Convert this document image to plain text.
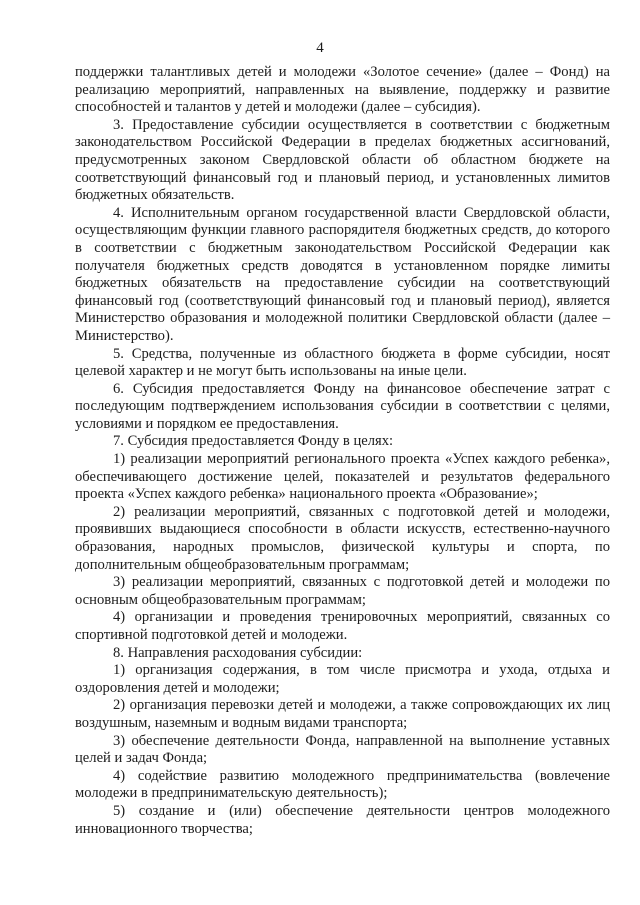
4

поддержки талантливых детей и молодежи «Золотое сечение» (далее – Фонд) на реализацию мероприятий, направленных на выявление, поддержку и развитие способностей и талантов у детей и молодежи (далее – субсидия).

3. Предоставление субсидии осуществляется в соответствии с бюджетным законодательством Российской Федерации в пределах бюджетных ассигнований, предусмотренных законом Свердловской области об областном бюджете на соответствующий финансовый год и плановый период, и установленных лимитов бюджетных обязательств.

4. Исполнительным органом государственной власти Свердловской области, осуществляющим функции главного распорядителя бюджетных средств, до которого в соответствии с бюджетным законодательством Российской Федерации как получателя бюджетных средств доводятся в установленном порядке лимиты бюджетных обязательств на предоставление субсидии на соответствующий финансовый год (соответствующий финансовый год и плановый период), является Министерство образования и молодежной политики Свердловской области (далее – Министерство).

5. Средства, полученные из областного бюджета в форме субсидии, носят целевой характер и не могут быть использованы на иные цели.

6. Субсидия предоставляется Фонду на финансовое обеспечение затрат с последующим подтверждением использования субсидии в соответствии с целями, условиями и порядком ее предоставления.

7. Субсидия предоставляется Фонду в целях:

1) реализации мероприятий регионального проекта «Успех каждого ребенка», обеспечивающего достижение целей, показателей и результатов федерального проекта «Успех каждого ребенка» национального проекта «Образование»;

2) реализации мероприятий, связанных с подготовкой детей и молодежи, проявивших выдающиеся способности в области искусств, естественно-научного образования, народных промыслов, физической культуры и спорта, по дополнительным общеобразовательным программам;

3) реализации мероприятий, связанных с подготовкой детей и молодежи по основным общеобразовательным программам;

4) организации и проведения тренировочных мероприятий, связанных со спортивной подготовкой детей и молодежи.

8. Направления расходования субсидии:

1) организация содержания, в том числе присмотра и ухода, отдыха и оздоровления детей и молодежи;

2) организация перевозки детей и молодежи, а также сопровождающих их лиц воздушным, наземным и водным видами транспорта;

3) обеспечение деятельности Фонда, направленной на выполнение уставных целей и задач Фонда;

4) содействие развитию молодежного предпринимательства (вовлечение молодежи в предпринимательскую деятельность);

5) создание и (или) обеспечение деятельности центров молодежного инновационного творчества;
